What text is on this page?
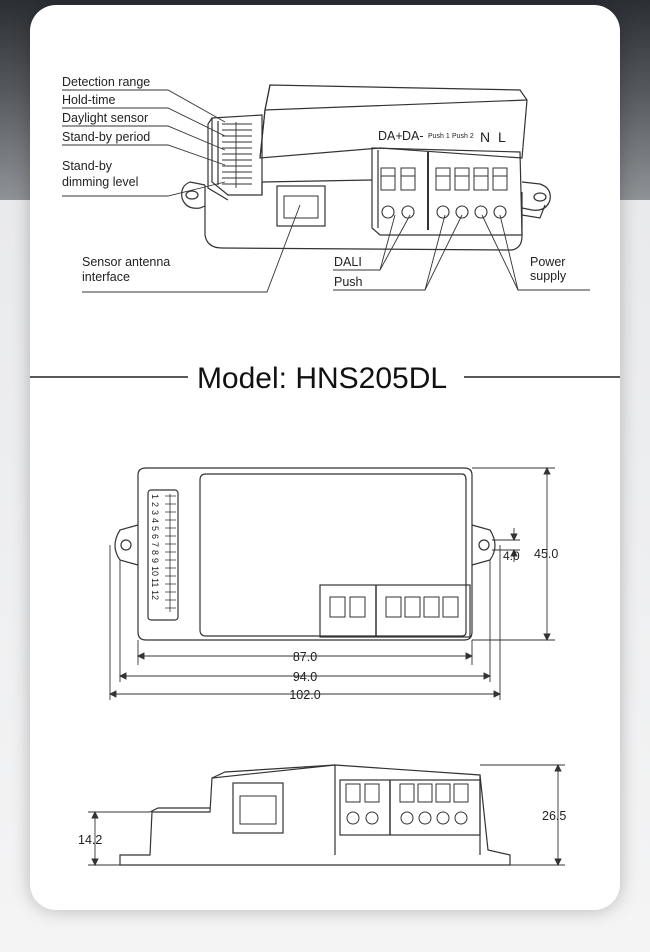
DA+ DA- Push 1 Push 2 N L
Detection range
Hold-time
Daylight sensor
Stand-by period
Stand-by
dimming level
Sensor antenna
interface
DALI
Push
Power
supply
Model: HNS205DL
87.0
94.0
102.0
45.0
4.0
1
2
3
4
5
6
7
8
9
10
11
12
26.5
14.2
